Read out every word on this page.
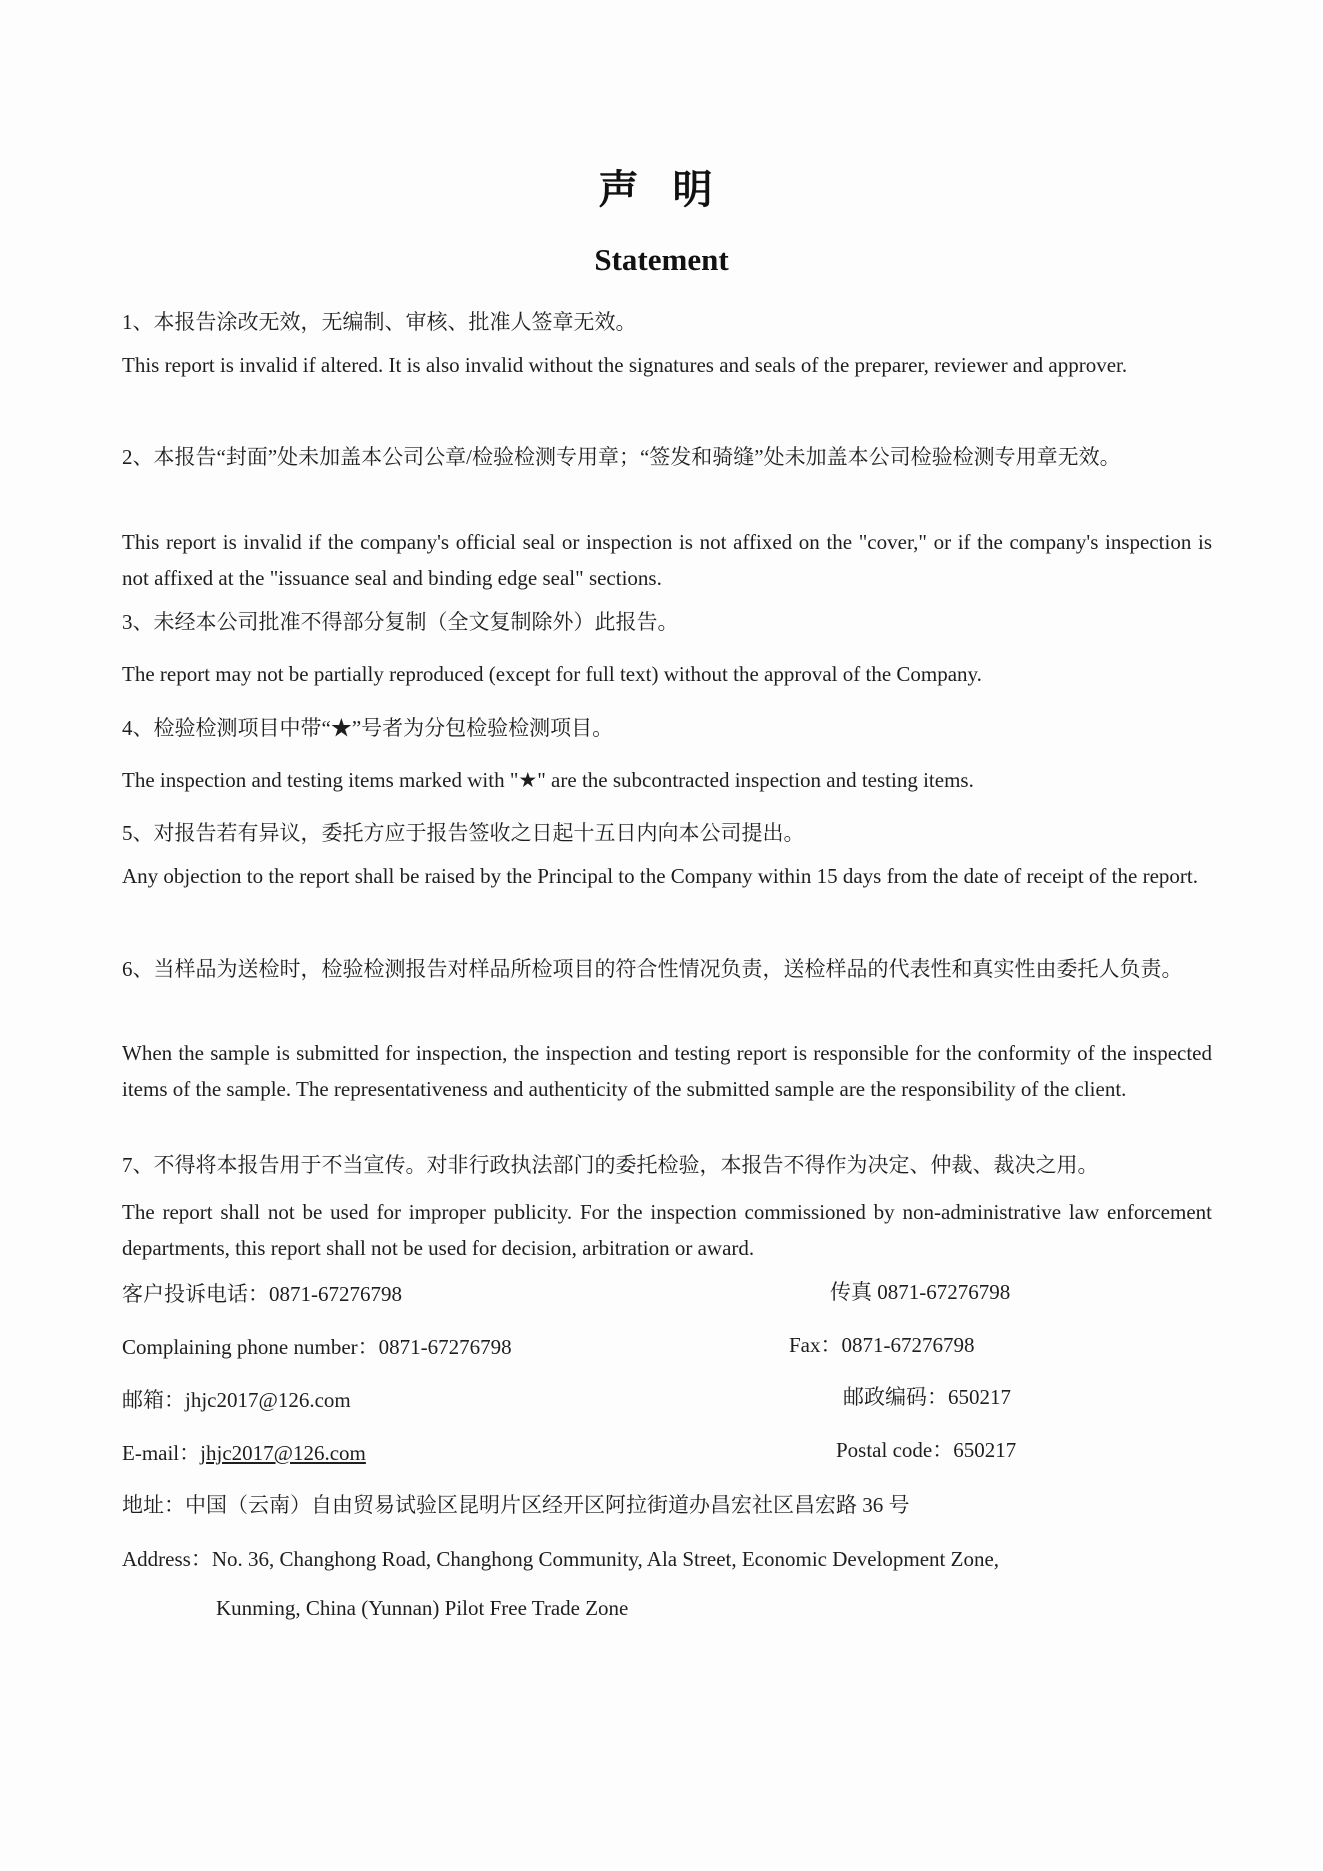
声 明
Statement
1、本报告涂改无效，无编制、审核、批准人签章无效。
This report is invalid if altered. It is also invalid without the signatures and seals of the preparer, reviewer and approver.
2、本报告“封面”处未加盖本公司公章/检验检测专用章；“签发和骑缝”处未加盖本公司检验检测专用章无效。
This report is invalid if the company's official seal or inspection is not affixed on the "cover," or if the company's inspection is not affixed at the "issuance seal and binding edge seal" sections.
3、未经本公司批准不得部分复制（全文复制除外）此报告。
The report may not be partially reproduced (except for full text) without the approval of the Company.
4、检验检测项目中带“★”号者为分包检验检测项目。
The inspection and testing items marked with "★" are the subcontracted inspection and testing items.
5、对报告若有异议，委托方应于报告签收之日起十五日内向本公司提出。
Any objection to the report shall be raised by the Principal to the Company within 15 days from the date of receipt of the report.
6、当样品为送检时，检验检测报告对样品所检项目的符合性情况负责，送检样品的代表性和真实性由委托人负责。
When the sample is submitted for inspection, the inspection and testing report is responsible for the conformity of the inspected items of the sample. The representativeness and authenticity of the submitted sample are the responsibility of the client.
7、不得将本报告用于不当宣传。对非行政执法部门的委托检验，本报告不得作为决定、仲裁、裁决之用。
The report shall not be used for improper publicity. For the inspection commissioned by non-administrative law enforcement departments, this report shall not be used for decision, arbitration or award.
客户投诉电话：0871-67276798	传真 0871-67276798
Complaining phone number：0871-67276798	Fax：0871-67276798
邮箱：jhjc2017@126.com	邮政编码：650217
E-mail：jhjc2017@126.com	Postal code：650217
地址：中国（云南）自由贸易试验区昆明片区经开区阿拉街道办昌宏社区昌宏路 36 号
Address：No. 36, Changhong Road, Changhong Community, Ala Street, Economic Development Zone,
Kunming, China (Yunnan) Pilot Free Trade Zone
